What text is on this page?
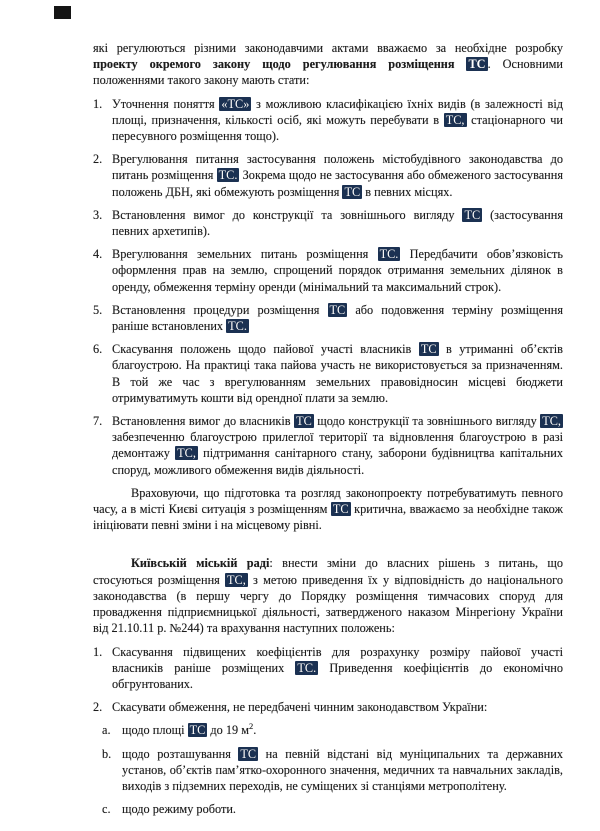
які регулюються різними законодавчими актами вважаємо за необхідне розробку проекту окремого закону щодо регулювання розміщення ТС . Основними положеннями такого закону мають стати:
1. Уточнення поняття «ТС» з можливою класифікацією їхніх видів (в залежності від площі, призначення, кількості осіб, які можуть перебувати в ТС, стаціонарного чи пересувного розміщення тощо).
2. Врегулювання питання застосування положень містобудівного законодавства до питань розміщення ТС. Зокрема щодо не застосування або обмеженого застосування положень ДБН, які обмежують розміщення ТС в певних місцях.
3. Встановлення вимог до конструкції та зовнішнього вигляду ТС (застосування певних архетипів).
4. Врегулювання земельних питань розміщення ТС. Передбачити обов’язковість оформлення прав на землю, спрощений порядок отримання земельних ділянок в оренду, обмеження терміну оренди (мінімальний та максимальний строк).
5. Встановлення процедури розміщення ТС або подовження терміну розміщення раніше встановлених ТС.
6. Скасування положень щодо пайової участі власників ТС в утриманні об’єктів благоустрою. На практиці така пайова участь не використовується за призначенням. В той же час з врегулюванням земельних правовідносин місцеві бюджети отримуватимуть кошти від орендної плати за землю.
7. Встановлення вимог до власників ТС щодо конструкції та зовнішнього вигляду ТС, забезпеченню благоустрою прилеглої території та відновлення благоустрою в разі демонтажу ТС, підтримання санітарного стану, заборони будівництва капітальних споруд, можливого обмеження видів діяльності.
Враховуючи, що підготовка та розгляд законопроекту потребуватимуть певного часу, а в місті Києві ситуація з розміщенням ТС критична, вважаємо за необхідне також ініціювати певні зміни і на місцевому рівні.
Київській міській раді: внести зміни до власних рішень з питань, що стосуються розміщення ТС, з метою приведення їх у відповідність до національного законодавства (в першу чергу до Порядку розміщення тимчасових споруд для провадження підприємницької діяльності, затвердженого наказом Мінрегіону України від 21.10.11 р. №244) та врахування наступних положень:
1. Скасування підвищених коефіцієнтів для розрахунку розміру пайової участі власників раніше розміщених ТС. Приведення коефіцієнтів до економічно обгрунтованих.
2. Скасувати обмеження, не передбачені чинним законодавством України:
a. щодо площі ТС до 19 $м^2$.
b. щодо розташування ТС на певній відстані від муніципальних та державних установ, об’єктів пам’ятко-охоронного значення, медичних та навчальних закладів, виходів з підземних переходів, не суміщених зі станціями метрополітену.
c. щодо режиму роботи.
